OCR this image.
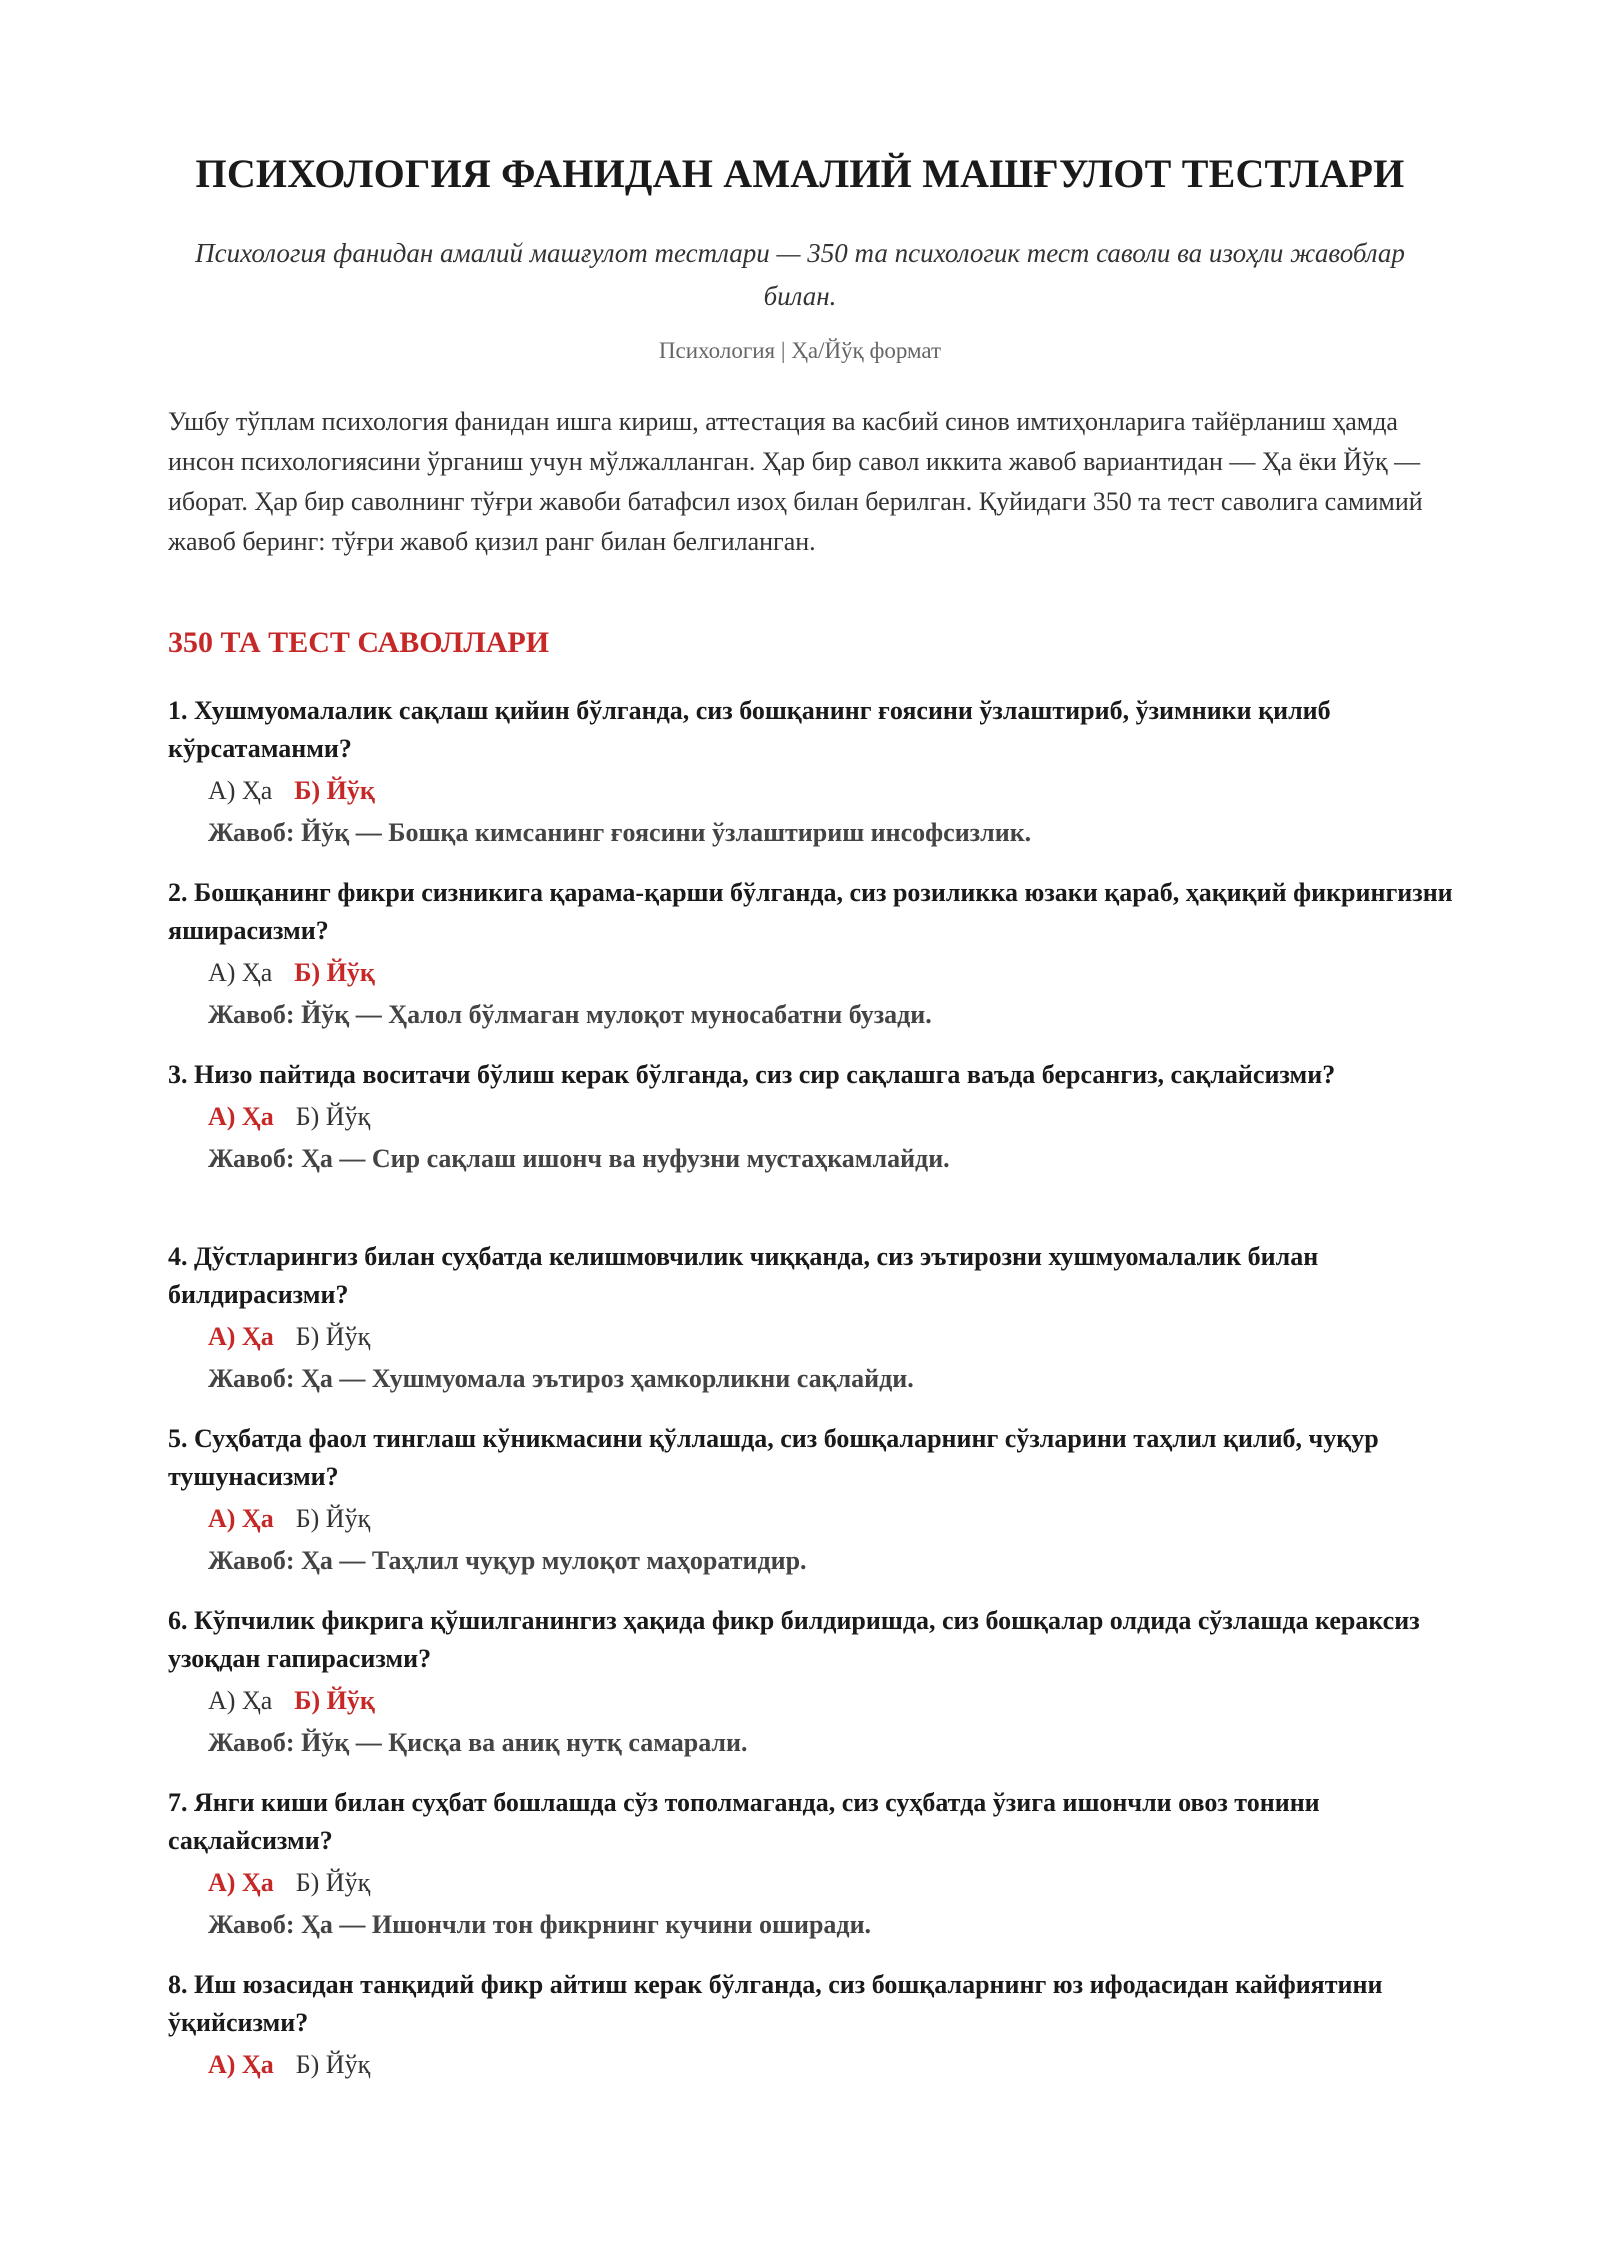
ПСИХОЛОГИЯ ФАНИДАН АМАЛИЙ МАШҒУЛОТ ТЕСТЛАРИ
Психология фанидан амалий машғулот тестлари — 350 та психологик тест саволи ва изоҳли жавоблар билан.
Психология | Ҳа/Йўқ формат
Ушбу тўплам психология фанидан ишга кириш, аттестация ва касбий синов имтиҳонларига тайёрланиш ҳамда инсон психологиясини ўрганиш учун мўлжалланган. Ҳар бир савол иккита жавоб вариантидан — Ҳа ёки Йўқ — иборат. Ҳар бир саволнинг тўғри жавоби батафсил изоҳ билан берилган. Қуйидаги 350 та тест саволига самимий жавоб беринг: тўғри жавоб қизил ранг билан белгиланган.
350 ТА ТЕСТ САВОЛЛАРИ
1. Хушмуомалалик сақлаш қийин бўлганда, сиз бошқанинг ғоясини ўзлаштириб, ўзимники қилиб кўрсатаманми?
А) Ҳа Б) Йўқ
Жавоб: Йўқ — Бошқа кимсанинг ғоясини ўзлаштириш инсофсизлик.
2. Бошқанинг фикри сизникига қарама-қарши бўлганда, сиз розиликка юзаки қараб, ҳақиқий фикрингизни яширасизми?
А) Ҳа Б) Йўқ
Жавоб: Йўқ — Ҳалол бўлмаган мулоқот муносабатни бузади.
3. Низо пайтида воситачи бўлиш керак бўлганда, сиз сир сақлашга ваъда берсангиз, сақлайсизми?
А) Ҳа Б) Йўқ
Жавоб: Ҳа — Сир сақлаш ишонч ва нуфузни мустаҳкамлайди.
4. Дўстларингиз билан суҳбатда келишмовчилик чиққанда, сиз эътирозни хушмуомалалик билан билдирасизми?
А) Ҳа Б) Йўқ
Жавоб: Ҳа — Хушмуомала эътироз ҳамкорликни сақлайди.
5. Суҳбатда фаол тинглаш кўникмасини қўллашда, сиз бошқаларнинг сўзларини таҳлил қилиб, чуқур тушунасизми?
А) Ҳа Б) Йўқ
Жавоб: Ҳа — Таҳлил чуқур мулоқот маҳоратидир.
6. Кўпчилик фикрига қўшилганингиз ҳақида фикр билдиришда, сиз бошқалар олдида сўзлашда кераксиз узоқдан гапирасизми?
А) Ҳа Б) Йўқ
Жавоб: Йўқ — Қисқа ва аниқ нутқ самарали.
7. Янги киши билан суҳбат бошлашда сўз тополмаганда, сиз суҳбатда ўзига ишончли овоз тонини сақлайсизми?
А) Ҳа Б) Йўқ
Жавоб: Ҳа — Ишончли тон фикрнинг кучини оширади.
8. Иш юзасидан танқидий фикр айтиш керак бўлганда, сиз бошқаларнинг юз ифодасидан кайфиятини ўқийсизми?
А) Ҳа Б) Йўқ
